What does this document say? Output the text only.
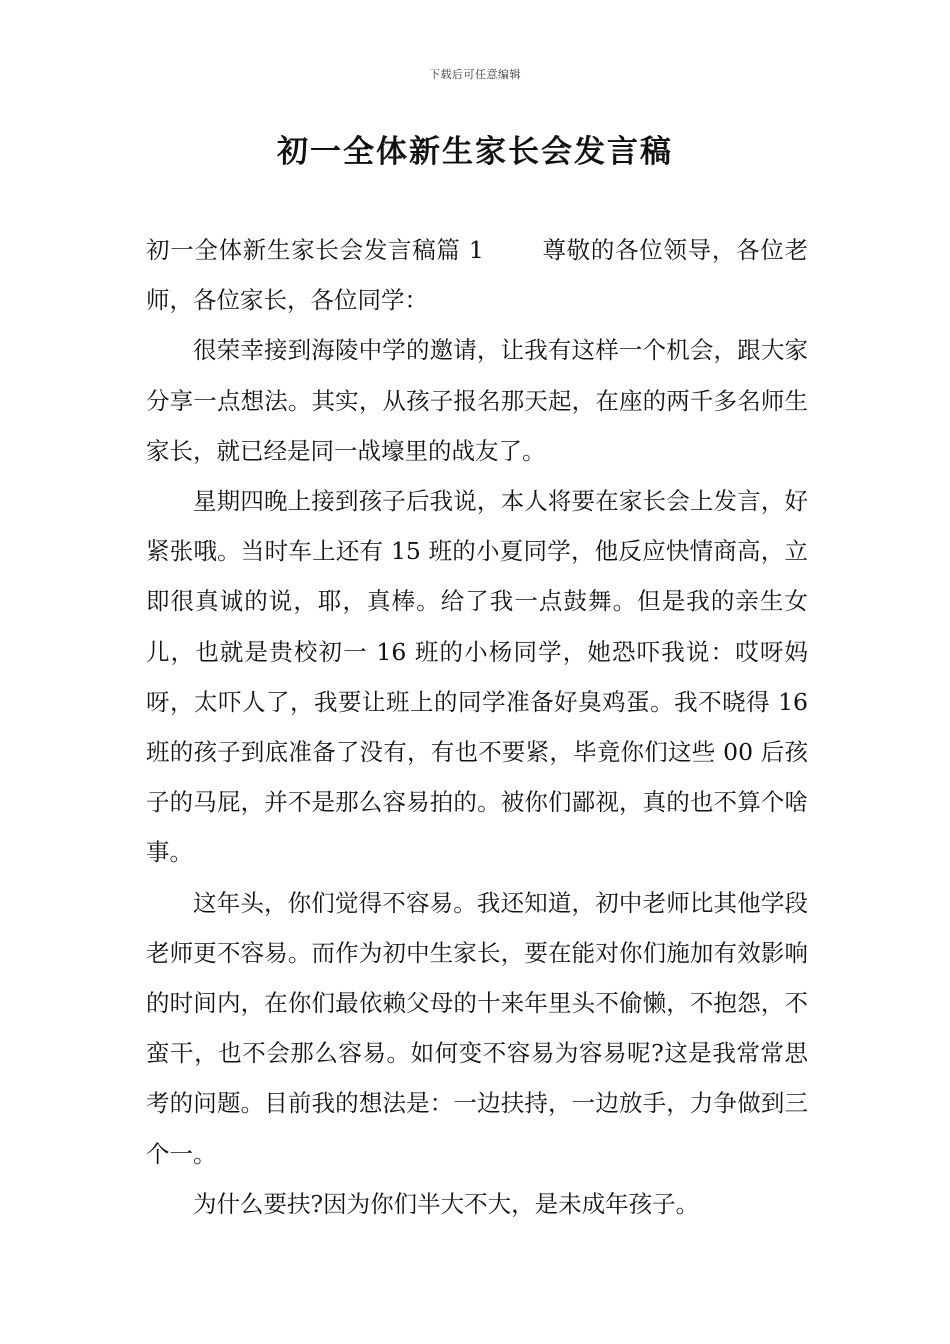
下载后可任意编辑
初一全体新生家长会发言稿

初一全体新生家长会发言稿篇 1 尊敬的各位领导，各位老师，各位家长，各位同学：

很荣幸接到海陵中学的邀请，让我有这样一个机会，跟大家分享一点想法。其实，从孩子报名那天起，在座的两千多名师生家长，就已经是同一战壕里的战友了。

星期四晚上接到孩子后我说，本人将要在家长会上发言，好紧张哦。当时车上还有 15 班的小夏同学，他反应快情商高，立即很真诚的说，耶，真棒。给了我一点鼓舞。但是我的亲生女儿，也就是贵校初一 16 班的小杨同学，她恐吓我说：哎呀妈呀，太吓人了，我要让班上的同学准备好臭鸡蛋。我不晓得 16 班的孩子到底准备了没有，有也不要紧，毕竟你们这些 00 后孩子的马屁，并不是那么容易拍的。被你们鄙视，真的也不算个啥事。

这年头，你们觉得不容易。我还知道，初中老师比其他学段老师更不容易。而作为初中生家长，要在能对你们施加有效影响的时间内，在你们最依赖父母的十来年里头不偷懒，不抱怨，不蛮干，也不会那么容易。如何变不容易为容易呢?这是我常常思考的问题。目前我的想法是：一边扶持，一边放手，力争做到三个一。

为什么要扶?因为你们半大不大，是未成年孩子。
